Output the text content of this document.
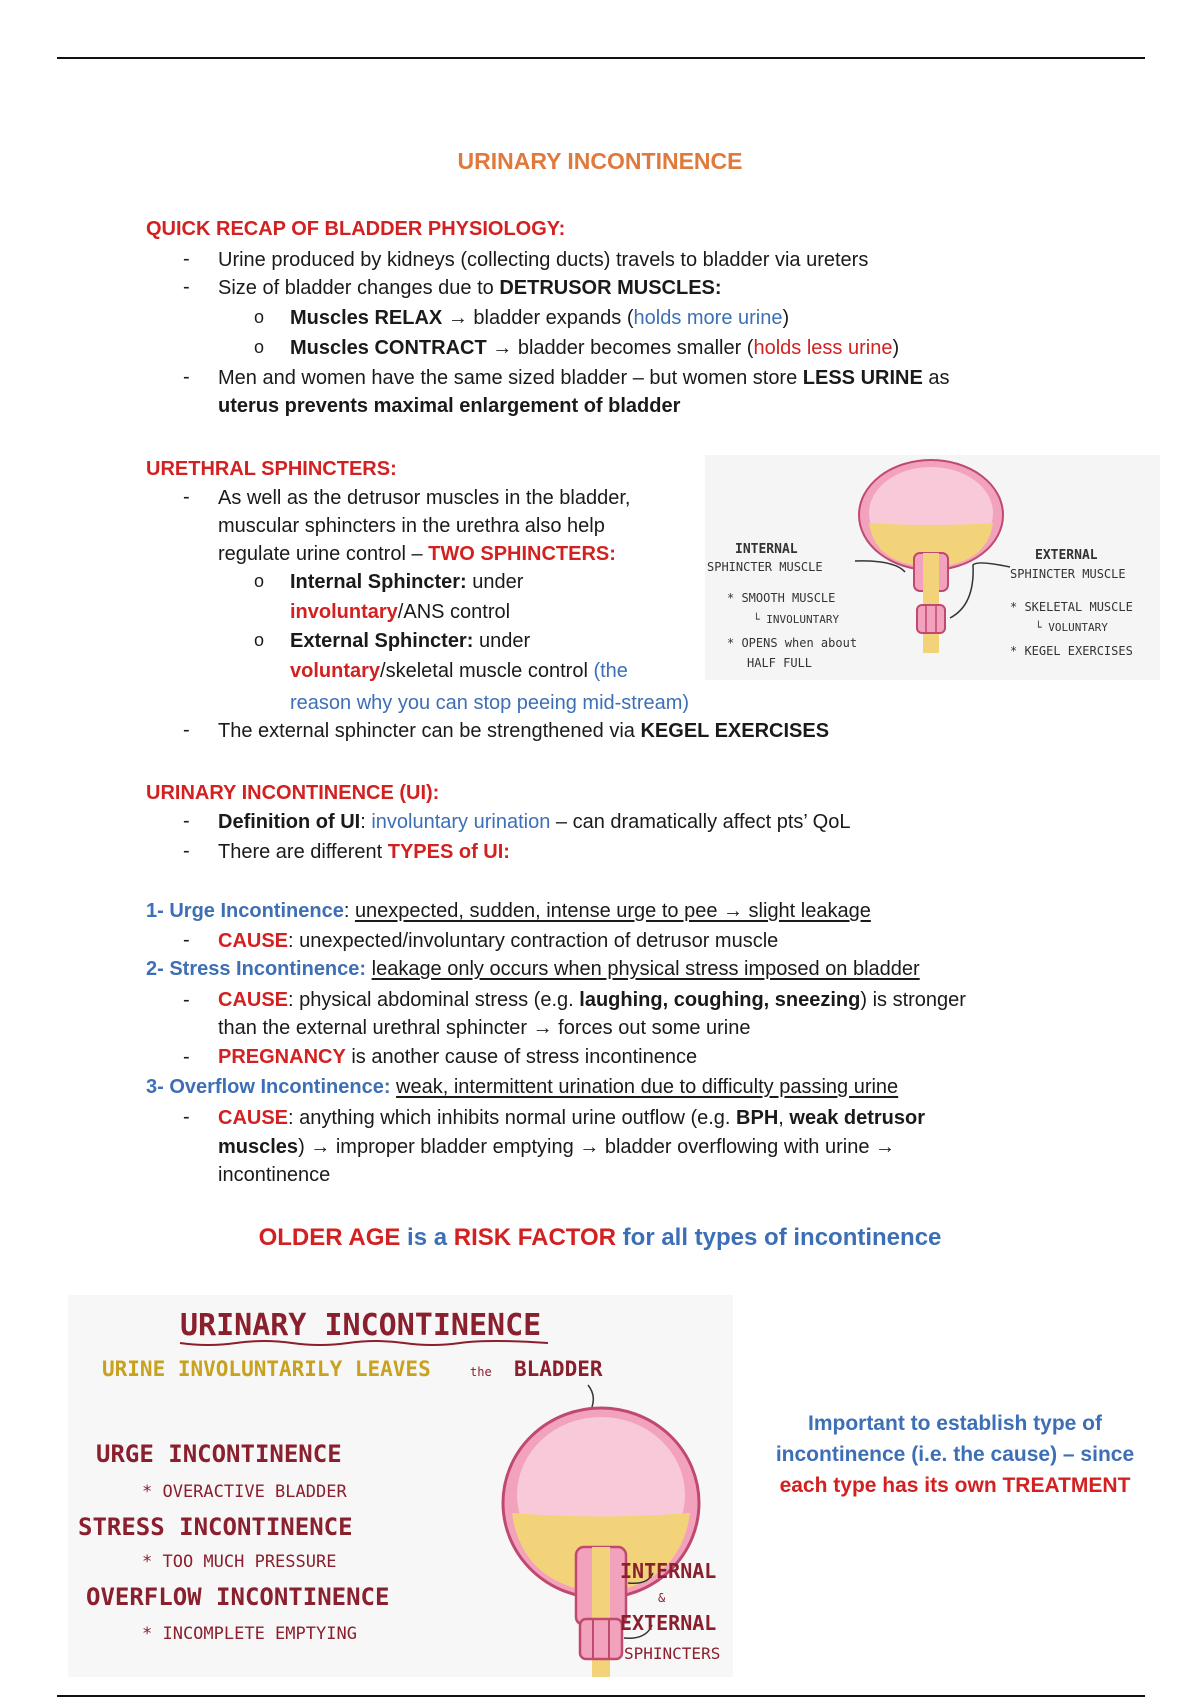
URINARY INCONTINENCE
QUICK RECAP OF BLADDER PHYSIOLOGY:
- Urine produced by kidneys (collecting ducts) travels to bladder via ureters
- Size of bladder changes due to DETRUSOR MUSCLES:
o Muscles RELAX → bladder expands (holds more urine)
o Muscles CONTRACT → bladder becomes smaller (holds less urine)
- Men and women have the same sized bladder – but women store LESS URINE as
uterus prevents maximal enlargement of bladder
URETHRAL SPHINCTERS:
- As well as the detrusor muscles in the bladder,
muscular sphincters in the urethra also help
regulate urine control – TWO SPHINCTERS:
o Internal Sphincter: under
involuntary/ANS control
o External Sphincter: under
voluntary/skeletal muscle control (the
reason why you can stop peeing mid-stream)
- The external sphincter can be strengthened via KEGEL EXERCISES
INTERNAL
SPHINCTER MUSCLE
* SMOOTH MUSCLE
└ INVOLUNTARY
* OPENS when about
HALF FULL
EXTERNAL
SPHINCTER MUSCLE
* SKELETAL MUSCLE
└ VOLUNTARY
* KEGEL EXERCISES
URINARY INCONTINENCE (UI):
- Definition of UI: involuntary urination – can dramatically affect pts’ QoL
- There are different TYPES of UI:
1- Urge Incontinence: unexpected, sudden, intense urge to pee → slight leakage
- CAUSE: unexpected/involuntary contraction of detrusor muscle
2- Stress Incontinence: leakage only occurs when physical stress imposed on bladder
- CAUSE: physical abdominal stress (e.g. laughing, coughing, sneezing) is stronger
than the external urethral sphincter → forces out some urine
- PREGNANCY is another cause of stress incontinence
3- Overflow Incontinence: weak, intermittent urination due to difficulty passing urine
- CAUSE: anything which inhibits normal urine outflow (e.g. BPH, weak detrusor
muscles) → improper bladder emptying → bladder overflowing with urine →
incontinence
OLDER AGE is a RISK FACTOR for all types of incontinence
URINARY INCONTINENCE
URINE INVOLUNTARILY LEAVES	the BLADDER
URGE INCONTINENCE
* OVERACTIVE BLADDER
STRESS INCONTINENCE
* TOO MUCH PRESSURE
OVERFLOW INCONTINENCE
* INCOMPLETE EMPTYING
INTERNAL
&
EXTERNAL
SPHINCTERS
Important to establish type of
incontinence (i.e. the cause) – since
each type has its own TREATMENT
